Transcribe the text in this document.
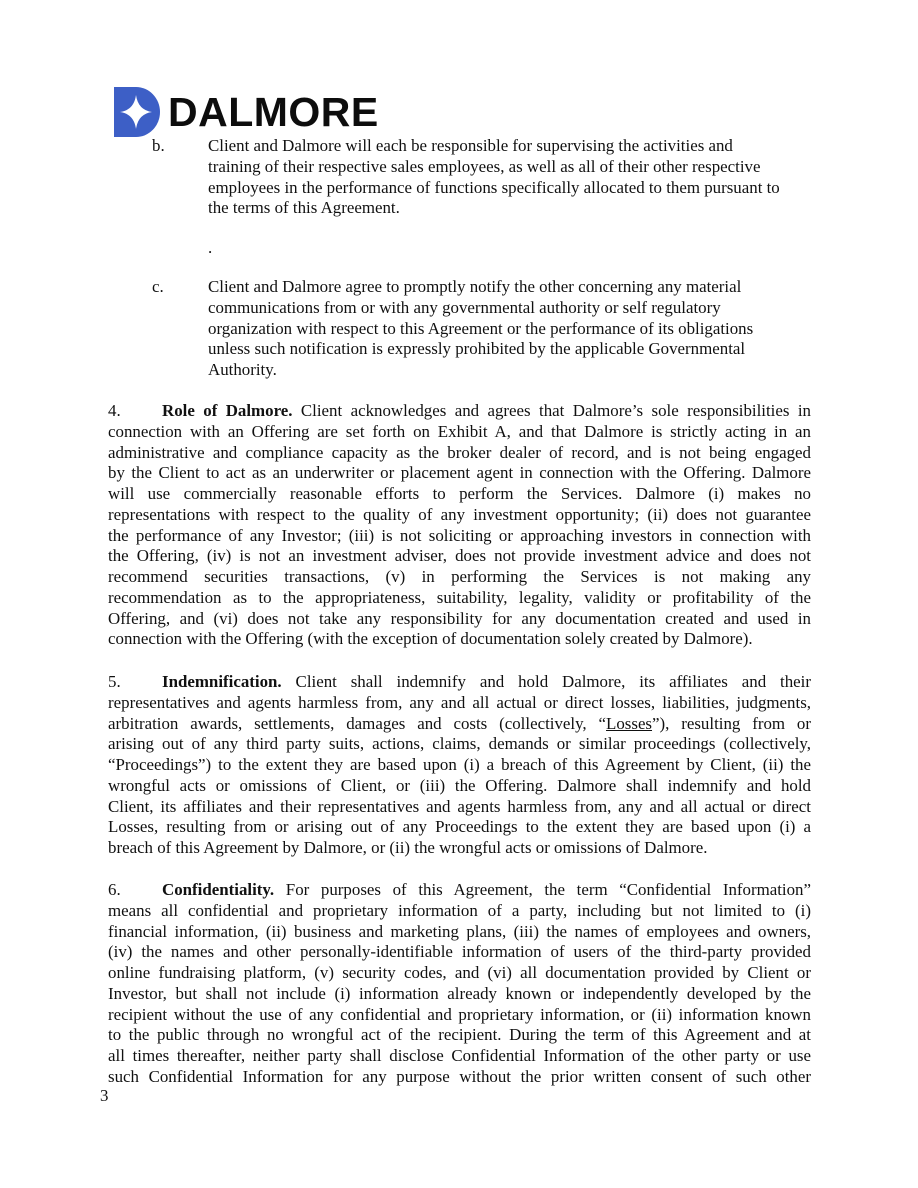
DALMORE
b.	Client and Dalmore will each be responsible for supervising the activities and
training of their respective sales employees, as well as all of their other respective
employees in the performance of functions specifically allocated to them pursuant to
the terms of this Agreement.
.
c.	Client and Dalmore agree to promptly notify the other concerning any material
communications from or with any governmental authority or self regulatory
organization with respect to this Agreement or the performance of its obligations
unless such notification is expressly prohibited by the applicable Governmental
Authority.
4. Role of Dalmore. Client acknowledges and agrees that Dalmore’s sole responsibilities in
connection with an Offering are set forth on Exhibit A, and that Dalmore is strictly acting in an
administrative and compliance capacity as the broker dealer of record, and is not being engaged
by the Client to act as an underwriter or placement agent in connection with the Offering. Dalmore
will use commercially reasonable efforts to perform the Services. Dalmore (i) makes no
representations with respect to the quality of any investment opportunity; (ii) does not guarantee
the performance of any Investor; (iii) is not soliciting or approaching investors in connection with
the Offering, (iv) is not an investment adviser, does not provide investment advice and does not
recommend securities transactions, (v) in performing the Services is not making any
recommendation as to the appropriateness, suitability, legality, validity or profitability of the
Offering, and (vi) does not take any responsibility for any documentation created and used in
connection with the Offering (with the exception of documentation solely created by Dalmore).
5. Indemnification. Client shall indemnify and hold Dalmore, its affiliates and their
representatives and agents harmless from, any and all actual or direct losses, liabilities, judgments,
arbitration awards, settlements, damages and costs (collectively, “Losses”), resulting from or
arising out of any third party suits, actions, claims, demands or similar proceedings (collectively,
“Proceedings”) to the extent they are based upon (i) a breach of this Agreement by Client, (ii) the
wrongful acts or omissions of Client, or (iii) the Offering. Dalmore shall indemnify and hold
Client, its affiliates and their representatives and agents harmless from, any and all actual or direct
Losses, resulting from or arising out of any Proceedings to the extent they are based upon (i) a
breach of this Agreement by Dalmore, or (ii) the wrongful acts or omissions of Dalmore.
6. Confidentiality. For purposes of this Agreement, the term “Confidential Information”
means all confidential and proprietary information of a party, including but not limited to (i)
financial information, (ii) business and marketing plans, (iii) the names of employees and owners,
(iv) the names and other personally-identifiable information of users of the third-party provided
online fundraising platform, (v) security codes, and (vi) all documentation provided by Client or
Investor, but shall not include (i) information already known or independently developed by the
recipient without the use of any confidential and proprietary information, or (ii) information known
to the public through no wrongful act of the recipient. During the term of this Agreement and at
all times thereafter, neither party shall disclose Confidential Information of the other party or use
such Confidential Information for any purpose without the prior written consent of such other
3
